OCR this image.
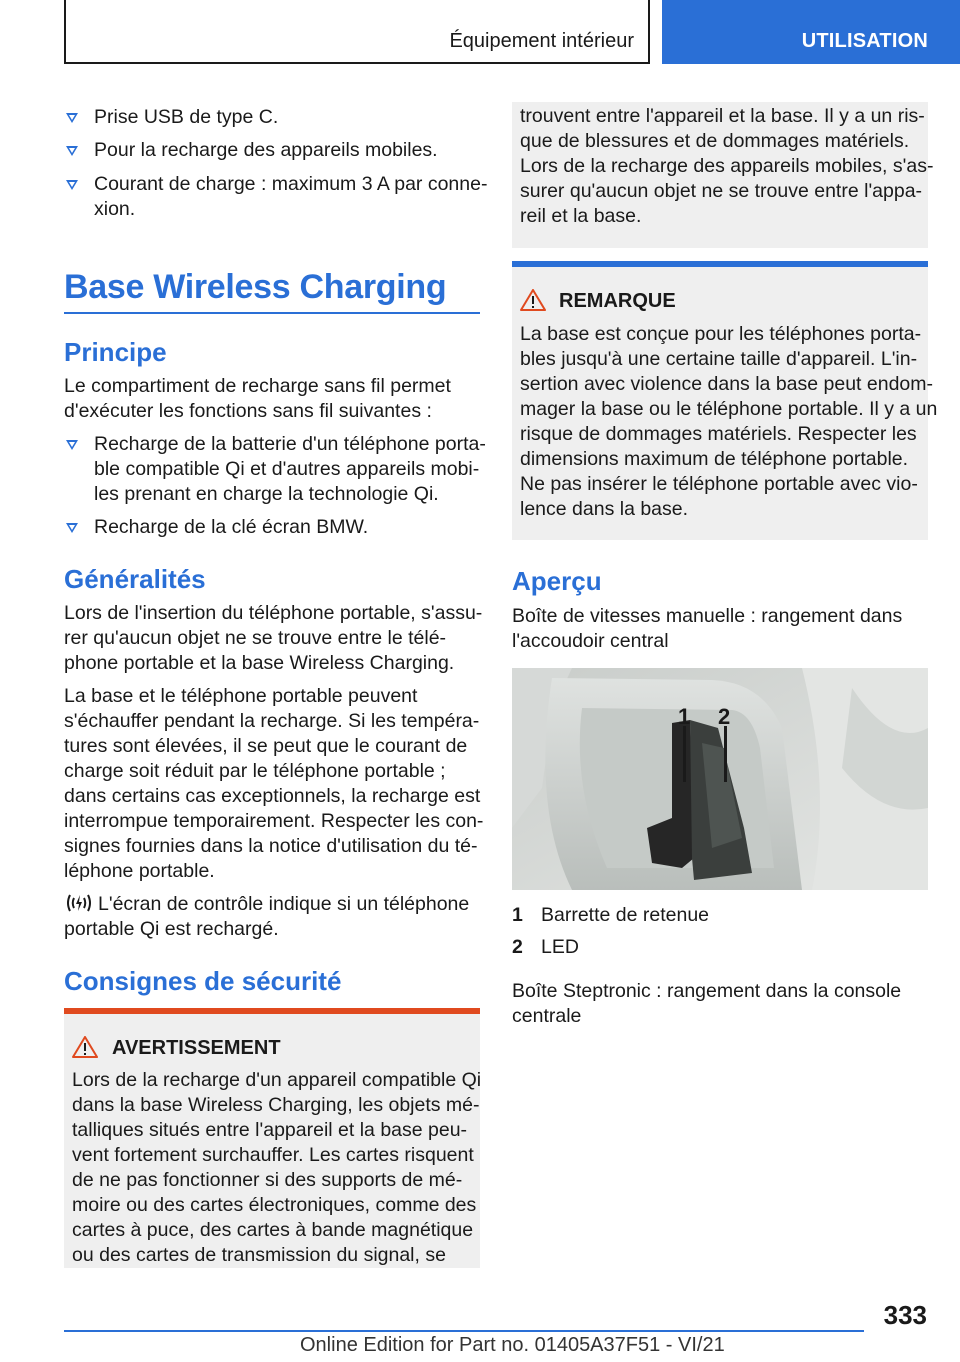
Équipement intérieur	UTILISATION
Prise USB de type C.
Pour la recharge des appareils mobiles.
Courant de charge : maximum 3 A par conne-
xion.
Base Wireless Charging
Principe
Le compartiment de recharge sans fil permet
d'exécuter les fonctions sans fil suivantes :
Recharge de la batterie d'un téléphone porta-
ble compatible Qi et d'autres appareils mobi-
les prenant en charge la technologie Qi.
Recharge de la clé écran BMW.
Généralités
Lors de l'insertion du téléphone portable, s'assu-
rer qu'aucun objet ne se trouve entre le télé-
phone portable et la base Wireless Charging.
La base et le téléphone portable peuvent
s'échauffer pendant la recharge. Si les tempéra-
tures sont élevées, il se peut que le courant de
charge soit réduit par le téléphone portable ;
dans certains cas exceptionnels, la recharge est
interrompue temporairement. Respecter les con-
signes fournies dans la notice d'utilisation du té-
léphone portable.
L'écran de contrôle indique si un téléphone
portable Qi est rechargé.
Consignes de sécurité
AVERTISSEMENT
Lors de la recharge d'un appareil compatible Qi
dans la base Wireless Charging, les objets mé-
talliques situés entre l'appareil et la base peu-
vent fortement surchauffer. Les cartes risquent
de ne pas fonctionner si des supports de mé-
moire ou des cartes électroniques, comme des
cartes à puce, des cartes à bande magnétique
ou des cartes de transmission du signal, se
trouvent entre l'appareil et la base. Il y a un ris-
que de blessures et de dommages matériels.
Lors de la recharge des appareils mobiles, s'as-
surer qu'aucun objet ne se trouve entre l'appa-
reil et la base.
REMARQUE
La base est conçue pour les téléphones porta-
bles jusqu'à une certaine taille d'appareil. L'in-
sertion avec violence dans la base peut endom-
mager la base ou le téléphone portable. Il y a un
risque de dommages matériels. Respecter les
dimensions maximum de téléphone portable.
Ne pas insérer le téléphone portable avec vio-
lence dans la base.
Aperçu
Boîte de vitesses manuelle : rangement dans
l'accoudoir central
1 2
1 Barrette de retenue
2 LED
Boîte Steptronic : rangement dans la console
centrale
333
Online Edition for Part no. 01405A37F51 - VI/21
